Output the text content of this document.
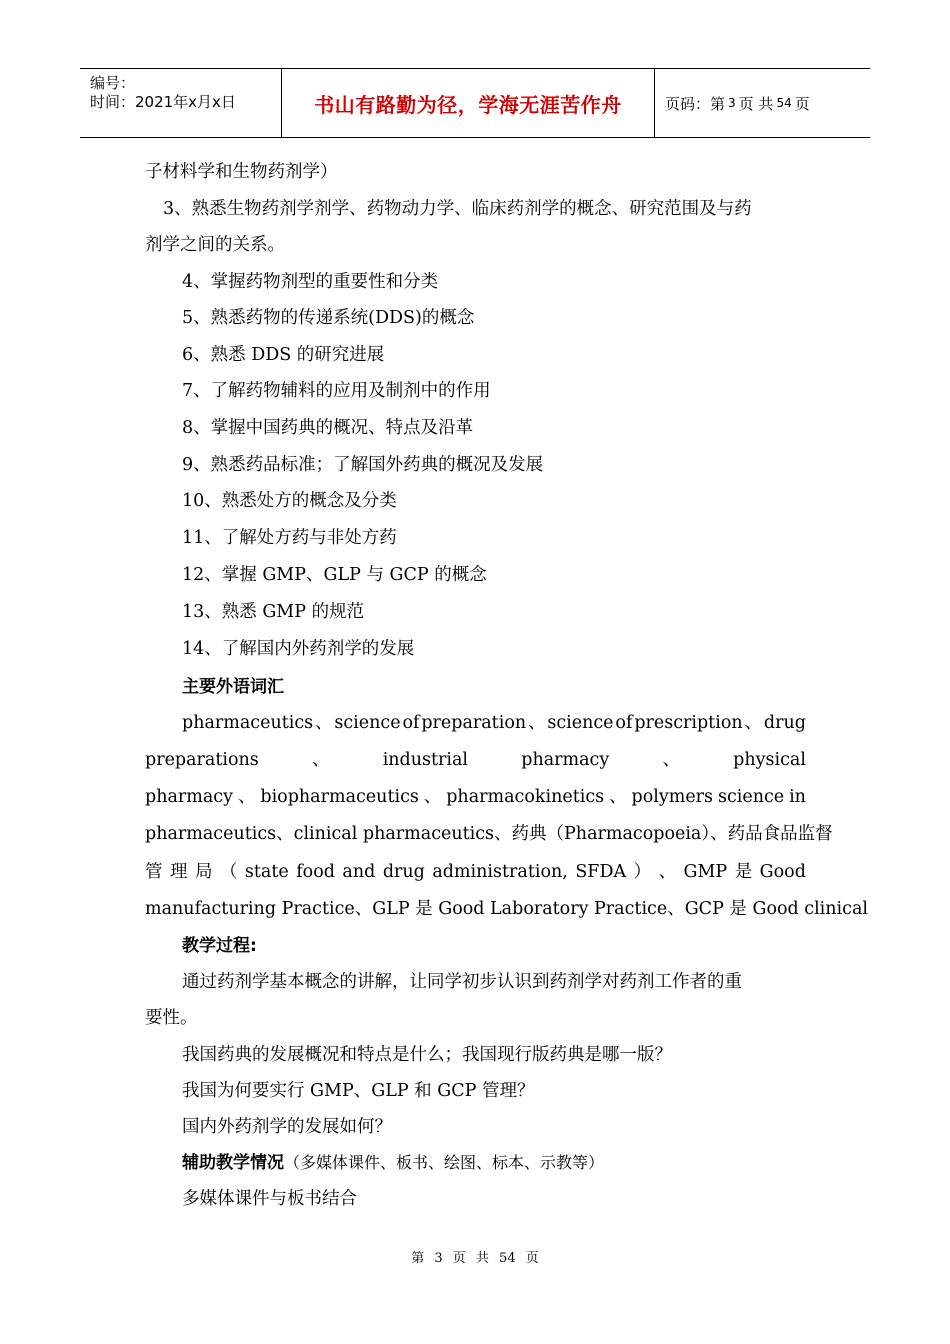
编号：
时间：2021年x月x日	书山有路勤为径，学海无涯苦作舟	页码：第 3 页 共 54 页
子材料学和生物药剂学）
3、熟悉生物药剂学剂学、药物动力学、临床药剂学的概念、研究范围及与药
剂学之间的关系。
4、掌握药物剂型的重要性和分类
5、熟悉药物的传递系统(DDS)的概念
6、熟悉 DDS 的研究进展
7、了解药物辅料的应用及制剂中的作用
8、掌握中国药典的概况、特点及沿革
9、熟悉药品标准；了解国外药典的概况及发展
10、熟悉处方的概念及分类
11、了解处方药与非处方药
12、掌握 GMP、GLP 与 GCP 的概念
13、熟悉 GMP 的规范
14、了解国内外药剂学的发展
主要外语词汇
pharmaceutics 、 science of preparation 、 science of prescription 、 drug
preparations	、	industrial	pharmacy	、	physical
pharmacy 、 biopharmaceutics 、 pharmacokinetics 、 polymers science in
pharmaceutics、clinical pharmaceutics、药典（Pharmacopoeia）、药品食品监督
管 理 局 （ state food and drug administration, SFDA ） 、 GMP 是 Good
manufacturing Practice、GLP 是 Good Laboratory Practice、GCP 是 Good clinical
教学过程:
通过药剂学基本概念的讲解，让同学初步认识到药剂学对药剂工作者的重
要性。
我国药典的发展概况和特点是什么；我国现行版药典是哪一版？
我国为何要实行 GMP、GLP 和 GCP 管理？
国内外药剂学的发展如何？
辅助教学情况（多媒体课件、板书、绘图、标本、示教等）
多媒体课件与板书结合
第 3 页 共 54 页
